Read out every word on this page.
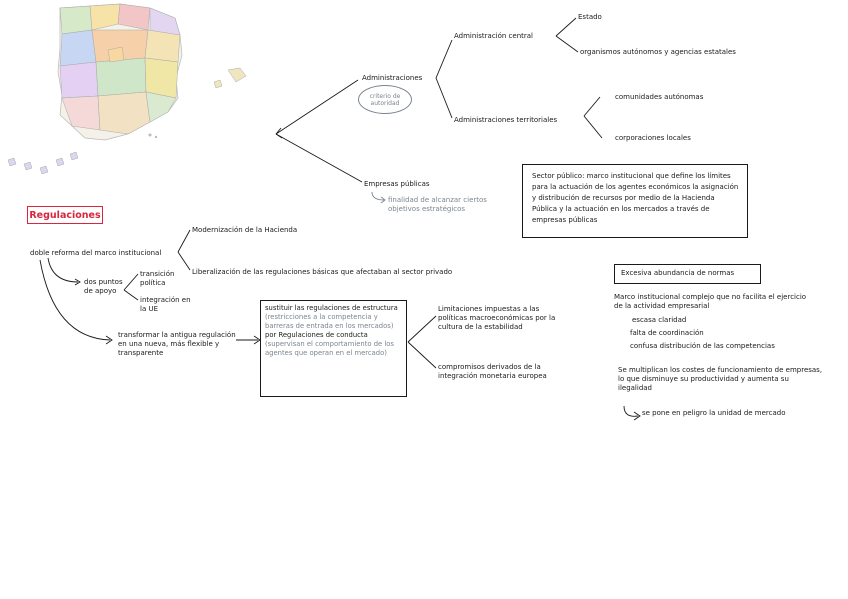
Administraciones
criterio de autoridad
Administración central
Estado
organismos autónomos y agencias estatales
Administraciones territoriales
comunidades autónomas
corporaciones locales
Empresas públicas
finalidad de alcanzar ciertos objetivos estratégicos
Sector público: marco institucional que define los límites para la actuación de los agentes económicos la asignación y distribución de recursos por medio de la Hacienda Pública y la actuación en los mercados a través de empresas públicas
Regulaciones
doble reforma del marco institucional
Modernización de la Hacienda
Liberalización de las regulaciones básicas que afectaban al sector privado
dos puntos de apoyo
transición política
integración en la UE
transformar la antigua regulación en una nueva, más flexible y transparente
sustituir las regulaciones de estructura (restricciones a la competencia y barreras de entrada en los mercados) por Regulaciones de conducta (supervisan el comportamiento de los agentes que operan en el mercado)
Limitaciones impuestas a las políticas macroeconómicas por la cultura de la estabilidad
compromisos derivados de la integración monetaria europea
Excesiva abundancia de normas
Marco institucional complejo que no facilita el ejercicio de la actividad empresarial
escasa claridad
falta de coordinación
confusa distribución de las competencias
Se multiplican los costes de funcionamiento de empresas, lo que disminuye su productividad y aumenta su ilegalidad
se pone en peligro la unidad de mercado
